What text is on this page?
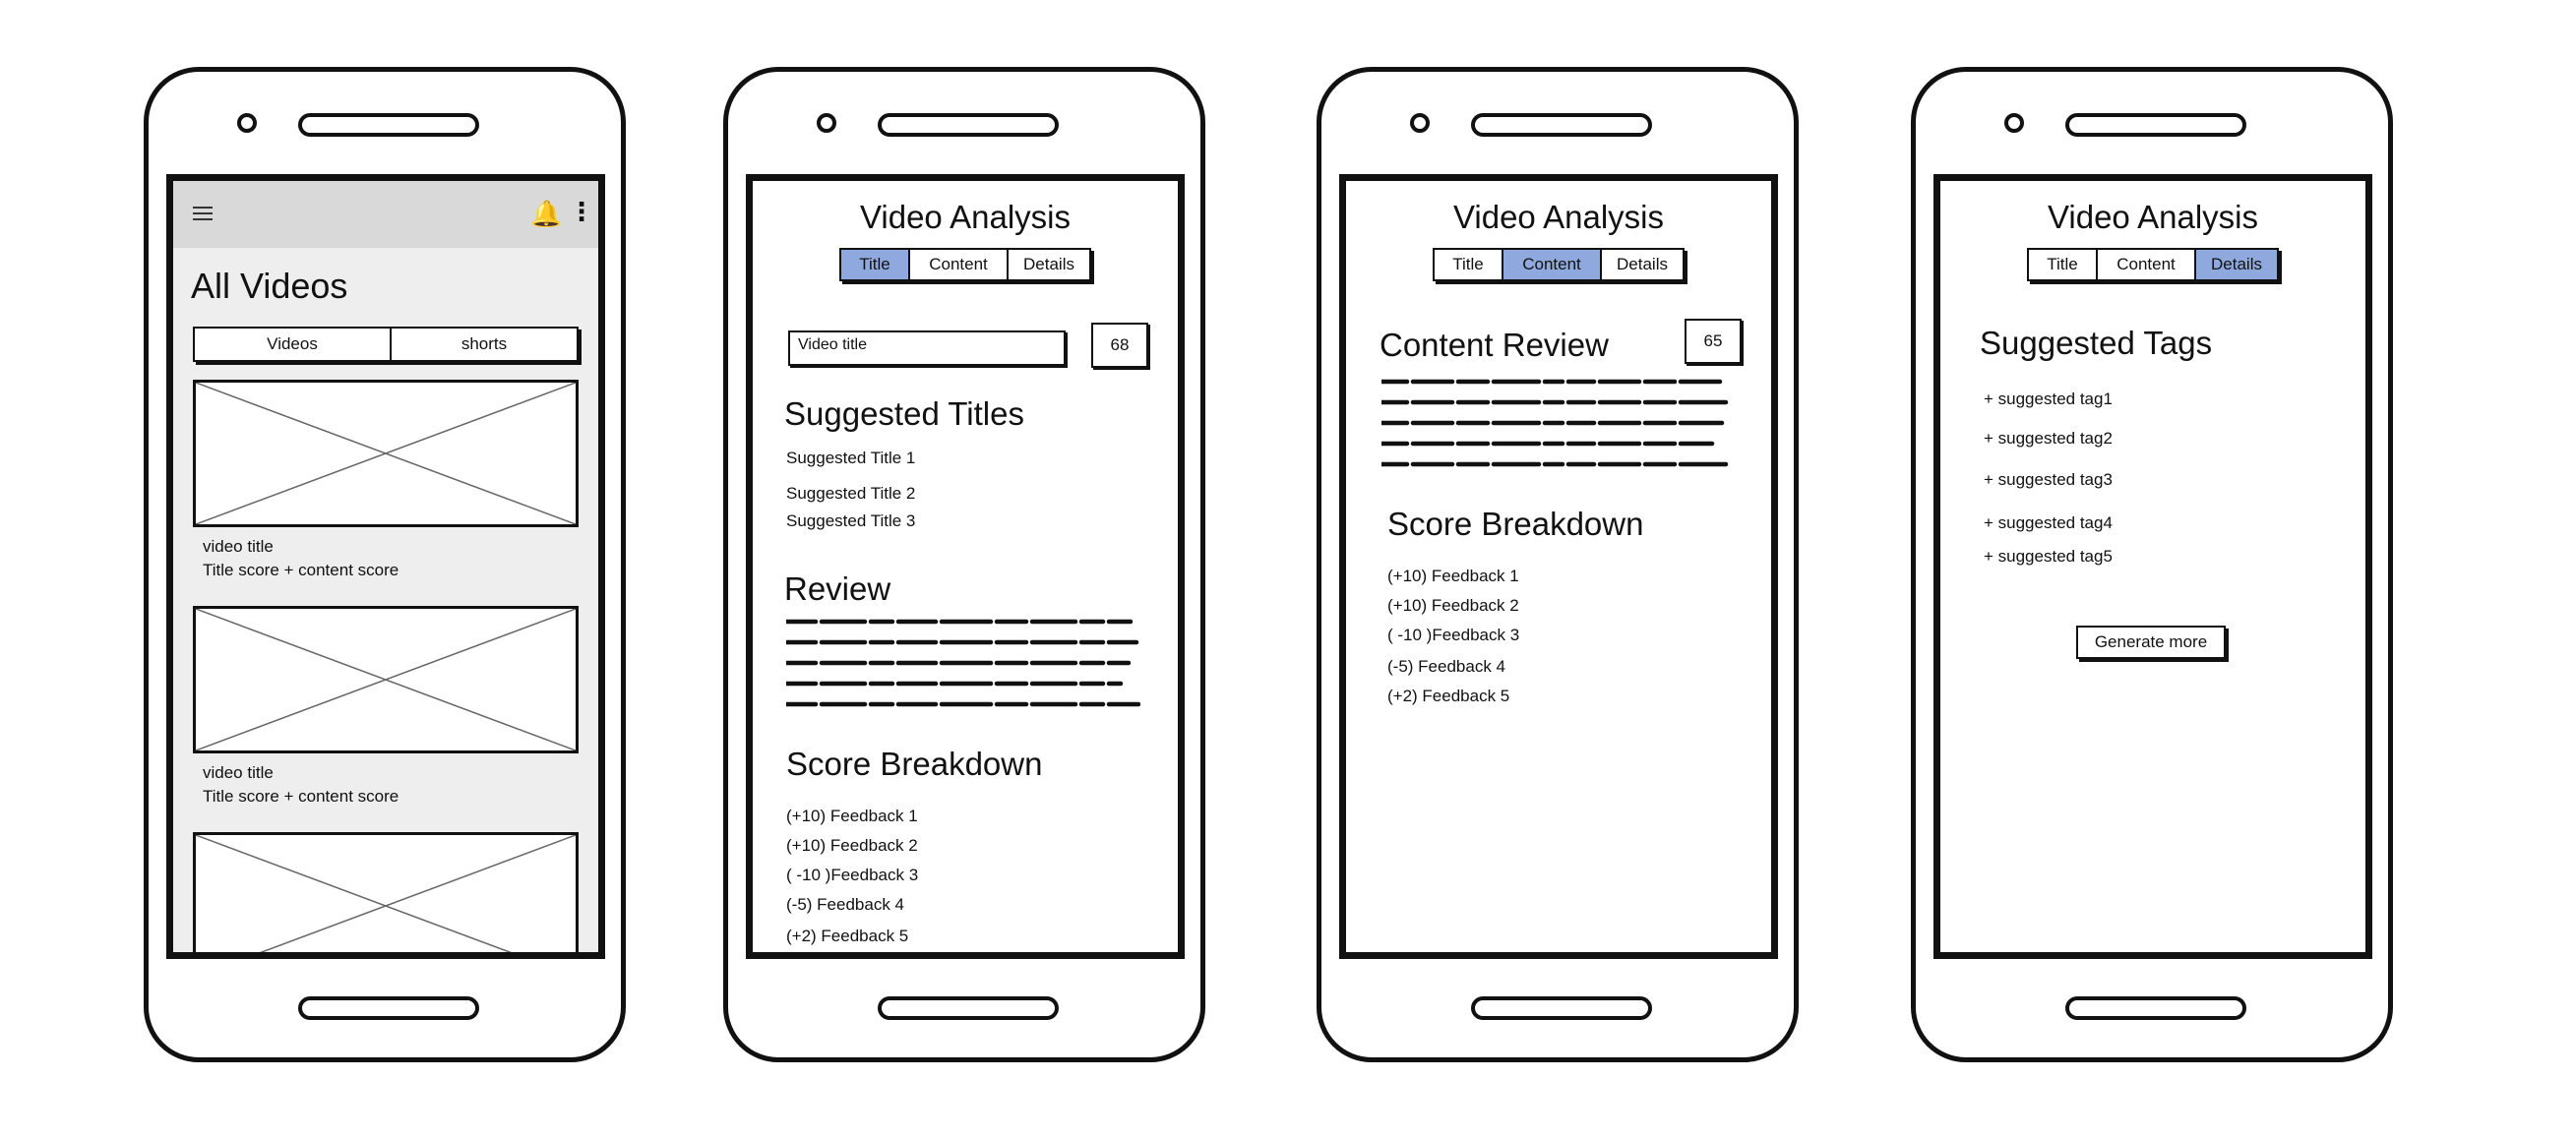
🔔 ⋮
All Videos
Videos	shorts
video title
Title score + content score
video title
Title score + content score
Video Analysis
Title	Content	Details
Video title	68
Suggested Titles
Suggested Title 1
Suggested Title 2
Suggested Title 3
Review
Score Breakdown
(+10) Feedback 1
(+10) Feedback 2
( -10 )Feedback 3
(-5) Feedback 4
(+2) Feedback 5
Video Analysis
Title	Content	Details
Content Review	65
Score Breakdown
(+10) Feedback 1
(+10) Feedback 2
( -10 )Feedback 3
(-5) Feedback 4
(+2) Feedback 5
Video Analysis
Title	Content	Details
Suggested Tags
+ suggested tag1
+ suggested tag2
+ suggested tag3
+ suggested tag4
+ suggested tag5
Generate more
